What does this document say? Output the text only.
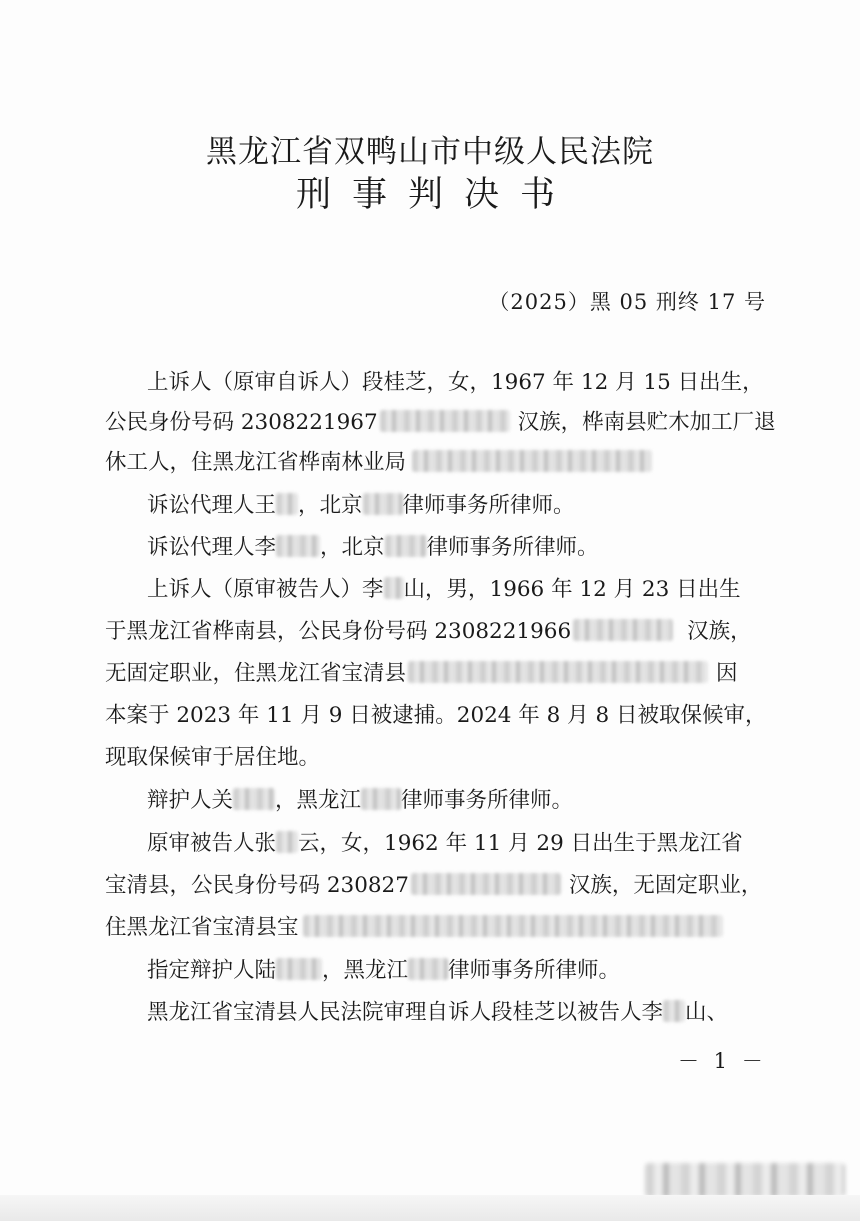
黑龙江省双鸭山市中级人民法院
刑事判决书
（2025）黑 05 刑终 17 号
上诉人（原审自诉人）段桂芝，女，1967 年 12 月 15 日出生，
公民身份号码 2308221967	汉族，桦南县贮木加工厂退
休工人，住黑龙江省桦南林业局
诉讼代理人王 ，北京 律师事务所律师。
诉讼代理人李 ，北京 律师事务所律师。
上诉人（原审被告人）李 山，男，1966 年 12 月 23 日出生
于黑龙江省桦南县，公民身份号码 2308221966	汉族，
无固定职业，住黑龙江省宝清县	因
本案于 2023 年 11 月 9 日被逮捕。2024 年 8 月 8 日被取保候审，
现取保候审于居住地。
辩护人关 ，黑龙江 律师事务所律师。
原审被告人张 云，女，1962 年 11 月 29 日出生于黑龙江省
宝清县，公民身份号码 230827	汉族，无固定职业，
住黑龙江省宝清县宝
指定辩护人陆 ，黑龙江 律师事务所律师。
黑龙江省宝清县人民法院审理自诉人段桂芝以被告人李 山、
－ 1 －
